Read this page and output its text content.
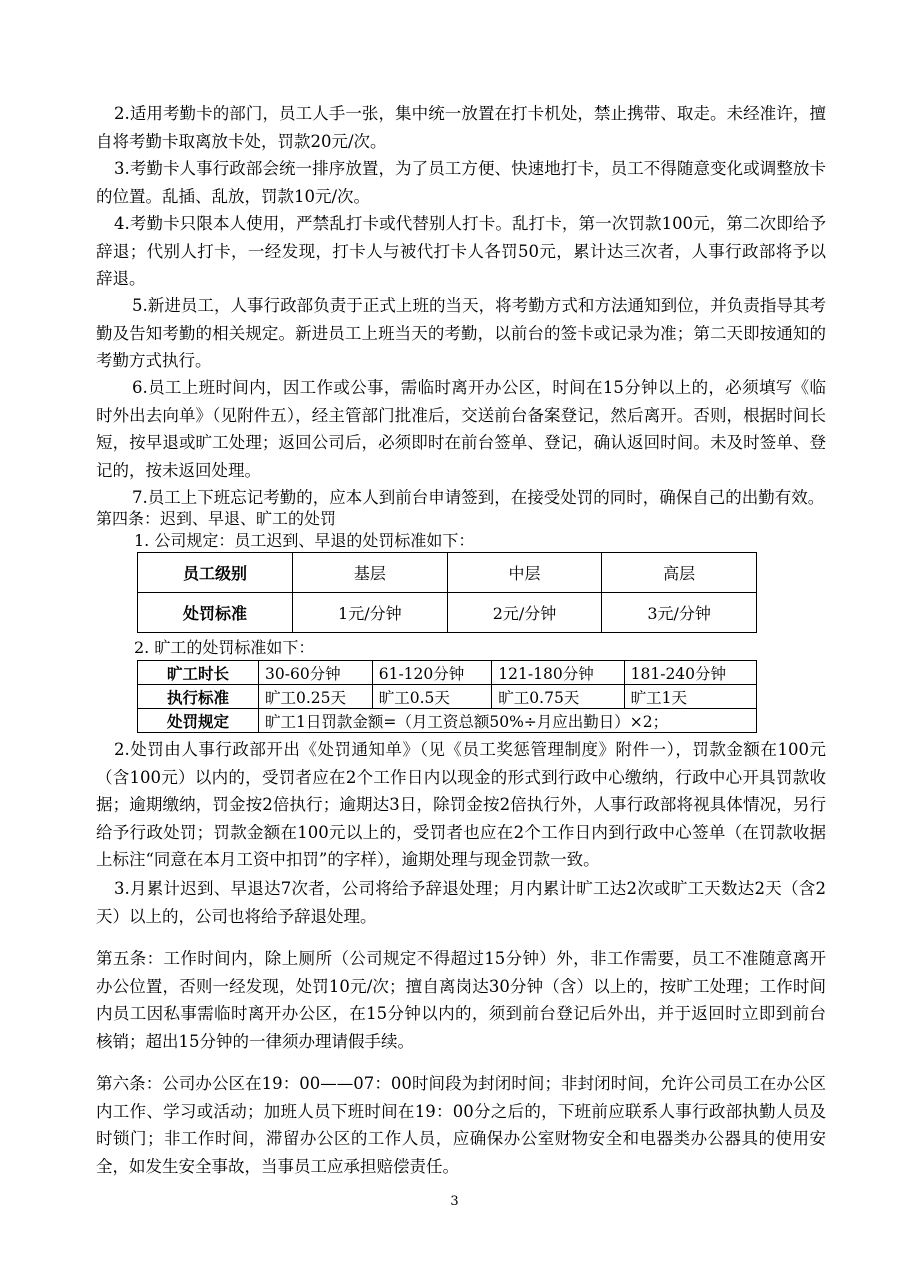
2.适用考勤卡的部门，员工人手一张，集中统一放置在打卡机处，禁止携带、取走。未经准许，擅自将考勤卡取离放卡处，罚款20元/次。

3.考勤卡人事行政部会统一排序放置，为了员工方便、快速地打卡，员工不得随意变化或调整放卡的位置。乱插、乱放，罚款10元/次。

4.考勤卡只限本人使用，严禁乱打卡或代替别人打卡。乱打卡，第一次罚款100元，第二次即给予辞退；代别人打卡，一经发现，打卡人与被代打卡人各罚50元，累计达三次者，人事行政部将予以辞退。

5.新进员工，人事行政部负责于正式上班的当天，将考勤方式和方法通知到位，并负责指导其考勤及告知考勤的相关规定。新进员工上班当天的考勤，以前台的签卡或记录为准；第二天即按通知的考勤方式执行。

6.员工上班时间内，因工作或公事，需临时离开办公区，时间在15分钟以上的，必须填写《临时外出去向单》（见附件五），经主管部门批准后，交送前台备案登记，然后离开。否则，根据时间长短，按早退或旷工处理；返回公司后，必须即时在前台签单、登记，确认返回时间。未及时签单、登记的，按未返回处理。

7.员工上下班忘记考勤的，应本人到前台申请签到，在接受处罚的同时，确保自己的出勤有效。

第四条：迟到、早退、旷工的处罚

1. 公司规定：员工迟到、早退的处罚标准如下：

员工级别	基层	中层	高层
处罚标准	1元/分钟	2元/分钟	3元/分钟

2. 旷工的处罚标准如下：

旷工时长	30-60分钟	61-120分钟	121-180分钟	181-240分钟
执行标准	旷工0.25天	旷工0.5天	旷工0.75天	旷工1天
处罚规定	旷工1日罚款金额=（月工资总额50%÷月应出勤日）×2；			

2.处罚由人事行政部开出《处罚通知单》（见《员工奖惩管理制度》附件一），罚款金额在100元（含100元）以内的，受罚者应在2个工作日内以现金的形式到行政中心缴纳，行政中心开具罚款收据；逾期缴纳，罚金按2倍执行；逾期达3日，除罚金按2倍执行外，人事行政部将视具体情况，另行给予行政处罚；罚款金额在100元以上的，受罚者也应在2个工作日内到行政中心签单（在罚款收据上标注“同意在本月工资中扣罚”的字样），逾期处理与现金罚款一致。

3.月累计迟到、早退达7次者，公司将给予辞退处理；月内累计旷工达2次或旷工天数达2天（含2天）以上的，公司也将给予辞退处理。

第五条：工作时间内，除上厕所（公司规定不得超过15分钟）外，非工作需要，员工不准随意离开办公位置，否则一经发现，处罚10元/次；擅自离岗达30分钟（含）以上的，按旷工处理；工作时间内员工因私事需临时离开办公区，在15分钟以内的，须到前台登记后外出，并于返回时立即到前台核销；超出15分钟的一律须办理请假手续。

第六条：公司办公区在19：00——07：00时间段为封闭时间；非封闭时间，允许公司员工在办公区内工作、学习或活动；加班人员下班时间在19：00分之后的，下班前应联系人事行政部执勤人员及时锁门；非工作时间，滞留办公区的工作人员，应确保办公室财物安全和电器类办公器具的使用安全，如发生安全事故，当事员工应承担赔偿责任。

3
